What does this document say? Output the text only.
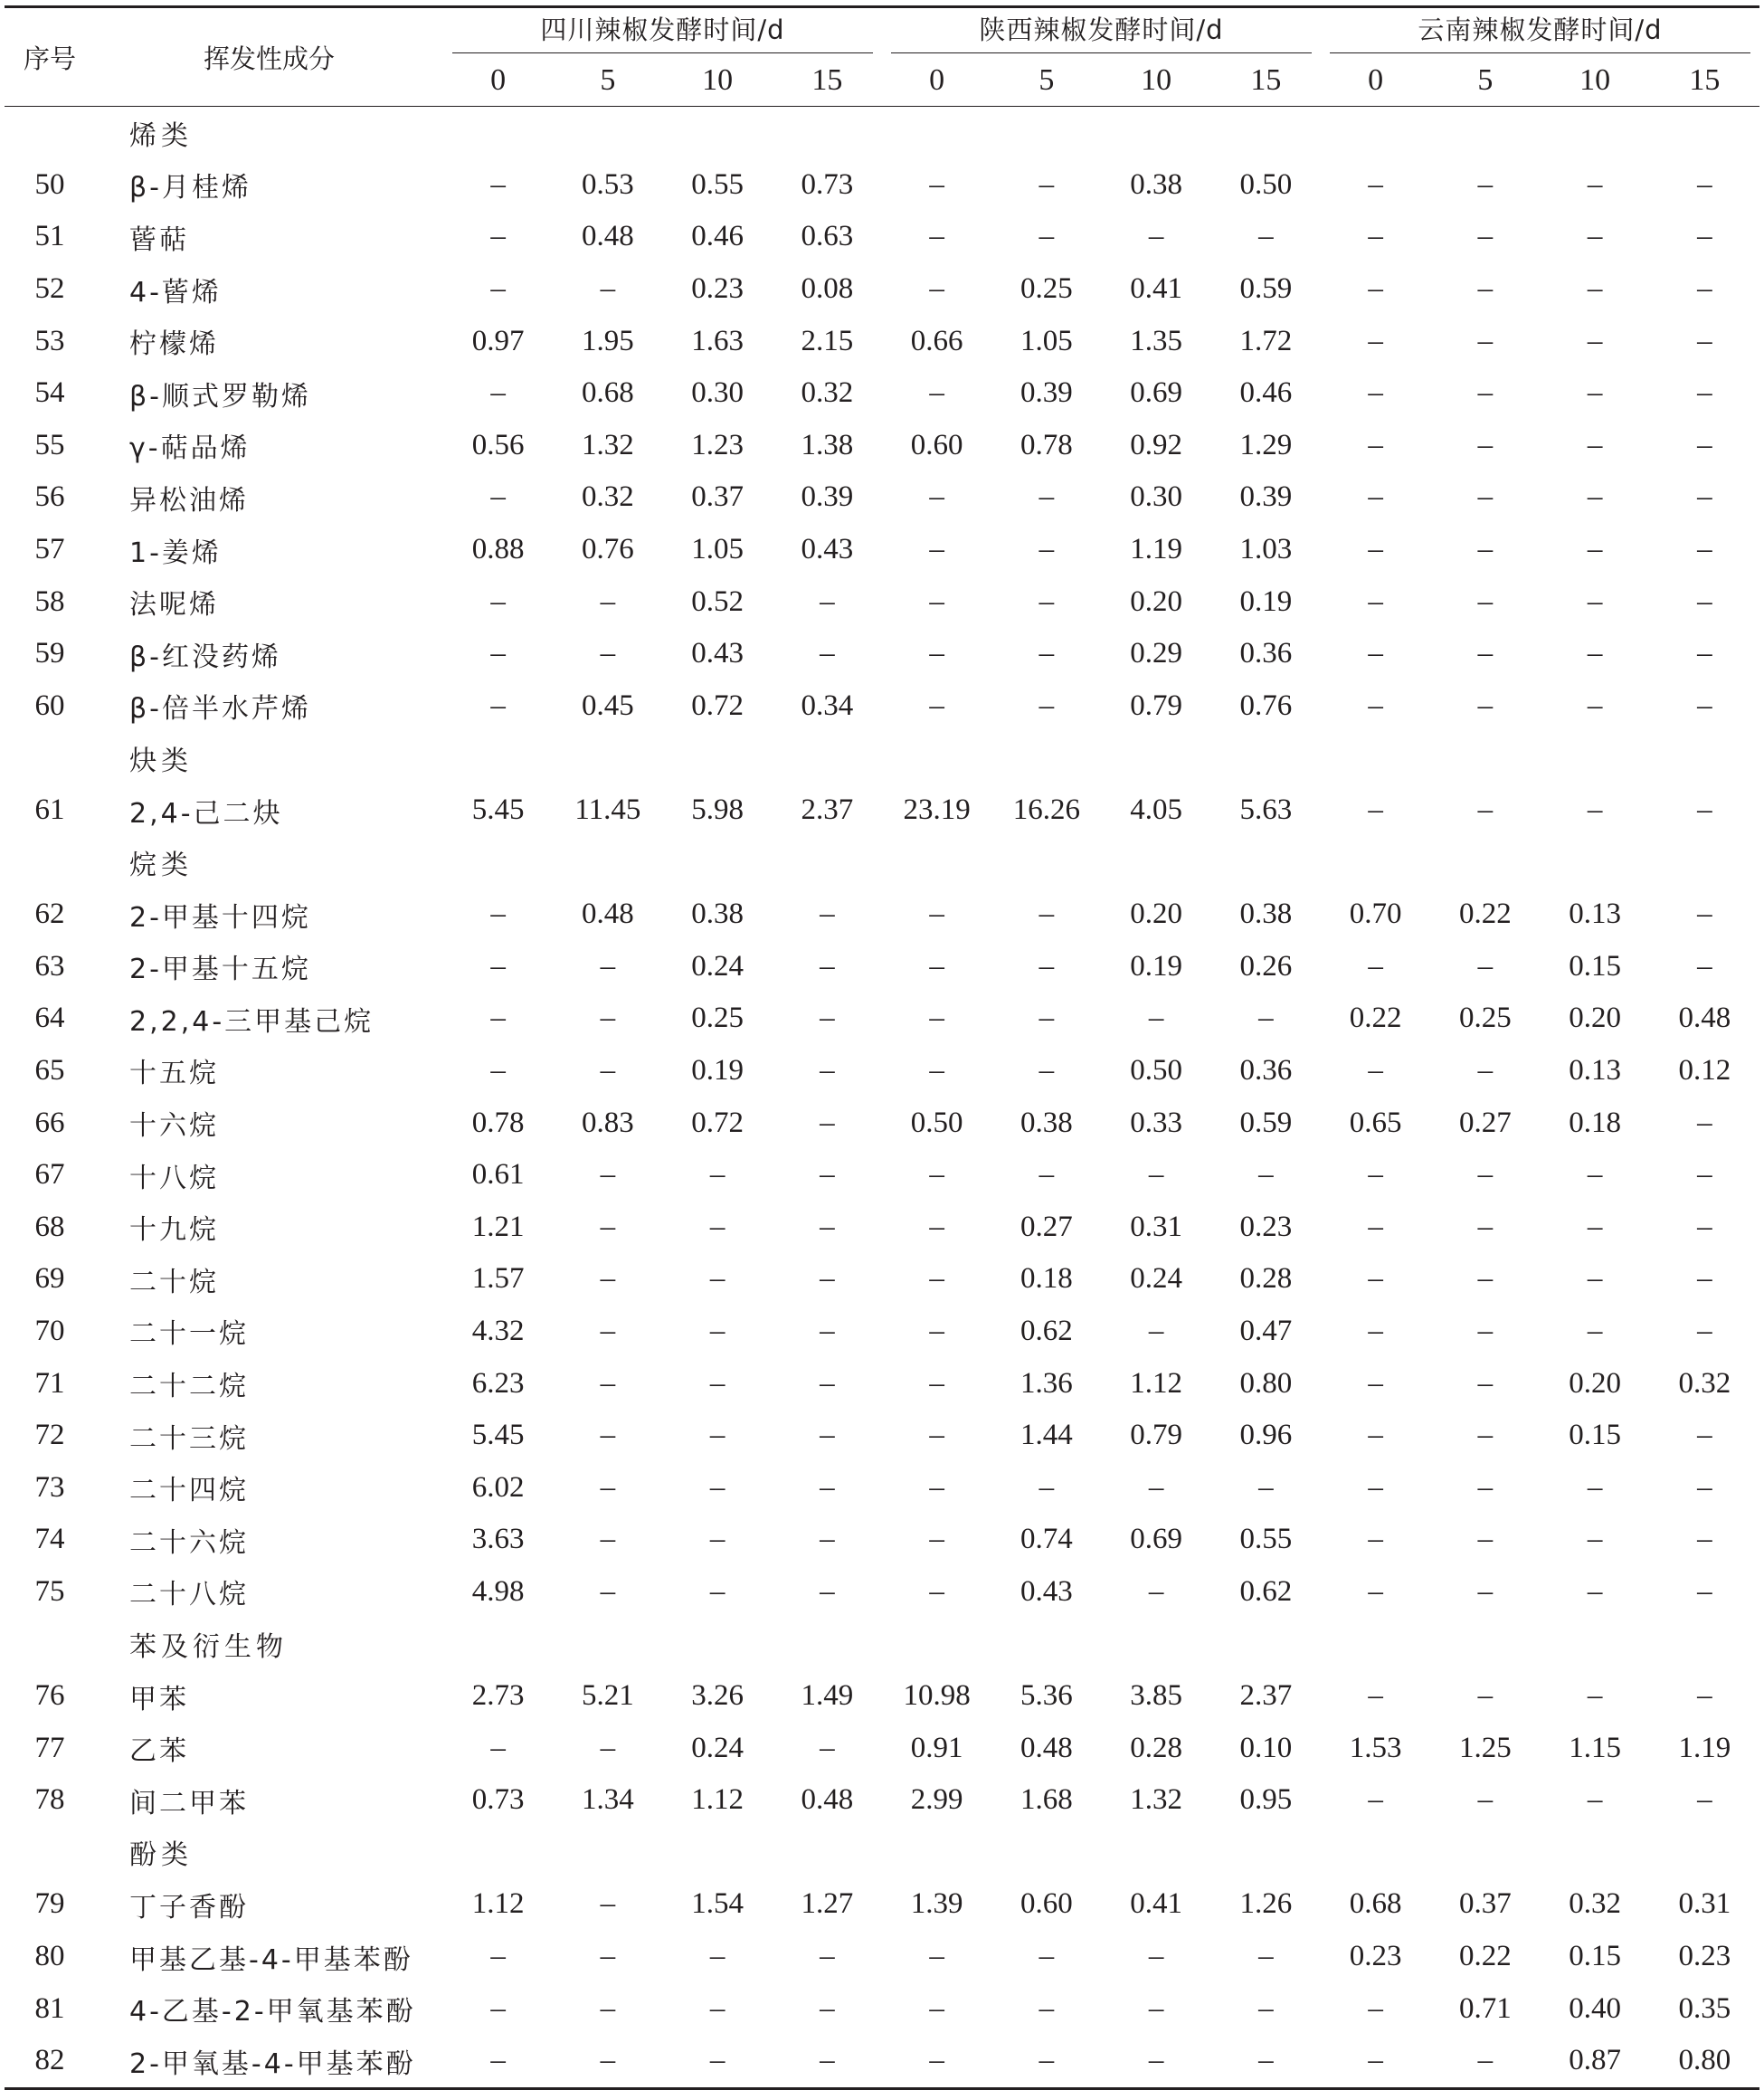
序号	挥发性成分	四川辣椒发酵时间/d				陕西辣椒发酵时间/d				云南辣椒发酵时间/d			

		0	5	10	15	0	5	10	15	0	5	10	15
	烯类												
50	β-月桂烯	–	0.53	0.55	0.73	–	–	0.38	0.50	–	–	–	–
51	蒈萜	–	0.48	0.46	0.63	–	–	–	–	–	–	–	–
52	4-蒈烯	–	–	0.23	0.08	–	0.25	0.41	0.59	–	–	–	–
53	柠檬烯	0.97	1.95	1.63	2.15	0.66	1.05	1.35	1.72	–	–	–	–
54	β-顺式罗勒烯	–	0.68	0.30	0.32	–	0.39	0.69	0.46	–	–	–	–
55	γ-萜品烯	0.56	1.32	1.23	1.38	0.60	0.78	0.92	1.29	–	–	–	–
56	异松油烯	–	0.32	0.37	0.39	–	–	0.30	0.39	–	–	–	–
57	1-姜烯	0.88	0.76	1.05	0.43	–	–	1.19	1.03	–	–	–	–
58	法呢烯	–	–	0.52	–	–	–	0.20	0.19	–	–	–	–
59	β-红没药烯	–	–	0.43	–	–	–	0.29	0.36	–	–	–	–
60	β-倍半水芹烯	–	0.45	0.72	0.34	–	–	0.79	0.76	–	–	–	–
	炔类												
61	2,4-己二炔	5.45	11.45	5.98	2.37	23.19	16.26	4.05	5.63	–	–	–	–
	烷类												
62	2-甲基十四烷	–	0.48	0.38	–	–	–	0.20	0.38	0.70	0.22	0.13	–
63	2-甲基十五烷	–	–	0.24	–	–	–	0.19	0.26	–	–	0.15	–
64	2,2,4-三甲基己烷	–	–	0.25	–	–	–	–	–	0.22	0.25	0.20	0.48
65	十五烷	–	–	0.19	–	–	–	0.50	0.36	–	–	0.13	0.12
66	十六烷	0.78	0.83	0.72	–	0.50	0.38	0.33	0.59	0.65	0.27	0.18	–
67	十八烷	0.61	–	–	–	–	–	–	–	–	–	–	–
68	十九烷	1.21	–	–	–	–	0.27	0.31	0.23	–	–	–	–
69	二十烷	1.57	–	–	–	–	0.18	0.24	0.28	–	–	–	–
70	二十一烷	4.32	–	–	–	–	0.62	–	0.47	–	–	–	–
71	二十二烷	6.23	–	–	–	–	1.36	1.12	0.80	–	–	0.20	0.32
72	二十三烷	5.45	–	–	–	–	1.44	0.79	0.96	–	–	0.15	–
73	二十四烷	6.02	–	–	–	–	–	–	–	–	–	–	–
74	二十六烷	3.63	–	–	–	–	0.74	0.69	0.55	–	–	–	–
75	二十八烷	4.98	–	–	–	–	0.43	–	0.62	–	–	–	–
	苯及衍生物												
76	甲苯	2.73	5.21	3.26	1.49	10.98	5.36	3.85	2.37	–	–	–	–
77	乙苯	–	–	0.24	–	0.91	0.48	0.28	0.10	1.53	1.25	1.15	1.19
78	间二甲苯	0.73	1.34	1.12	0.48	2.99	1.68	1.32	0.95	–	–	–	–
	酚类												
79	丁子香酚	1.12	–	1.54	1.27	1.39	0.60	0.41	1.26	0.68	0.37	0.32	0.31
80	甲基乙基-4-甲基苯酚	–	–	–	–	–	–	–	–	0.23	0.22	0.15	0.23
81	4-乙基-2-甲氧基苯酚	–	–	–	–	–	–	–	–	–	0.71	0.40	0.35
82	2-甲氧基-4-甲基苯酚	–	–	–	–	–	–	–	–	–	–	0.87	0.80
